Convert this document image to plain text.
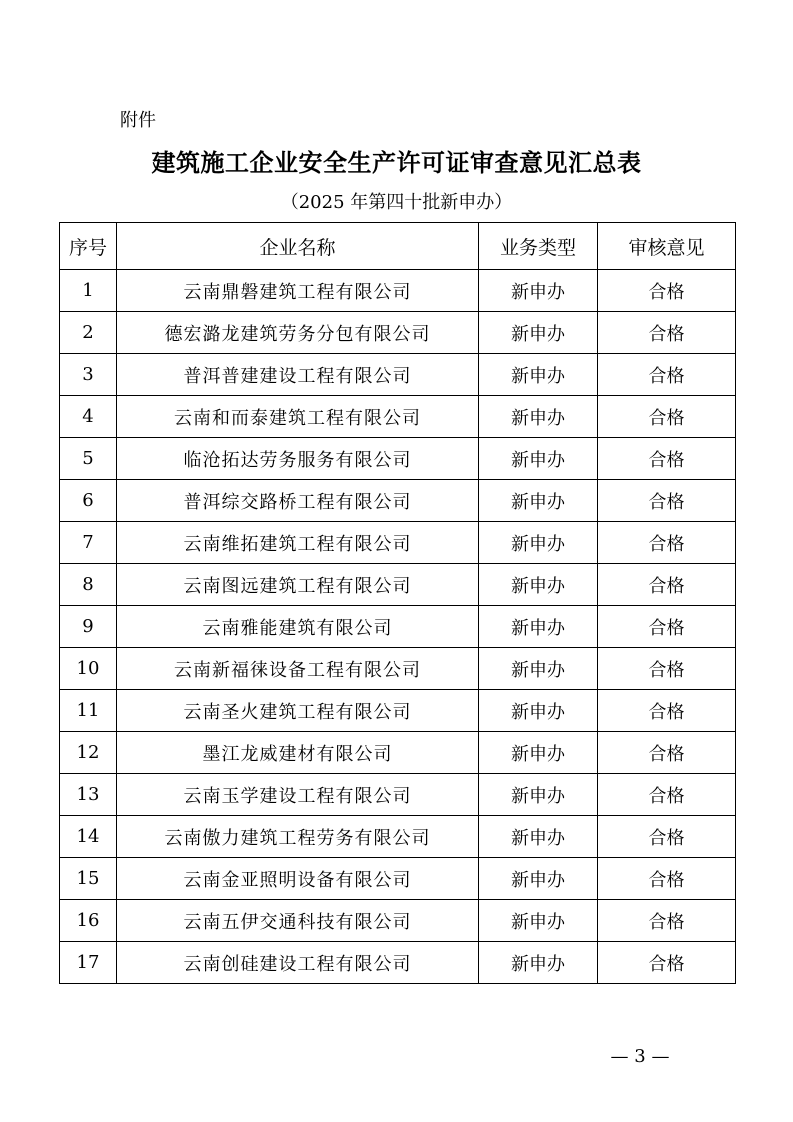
附件
建筑施工企业安全生产许可证审查意见汇总表
（2025 年第四十批新申办）
序号	企业名称	业务类型	审核意见
1	云南鼎磐建筑工程有限公司	新申办	合格
2	德宏潞龙建筑劳务分包有限公司	新申办	合格
3	普洱普建建设工程有限公司	新申办	合格
4	云南和而泰建筑工程有限公司	新申办	合格
5	临沧拓达劳务服务有限公司	新申办	合格
6	普洱综交路桥工程有限公司	新申办	合格
7	云南维拓建筑工程有限公司	新申办	合格
8	云南图远建筑工程有限公司	新申办	合格
9	云南雅能建筑有限公司	新申办	合格
10	云南新福徕设备工程有限公司	新申办	合格
11	云南圣火建筑工程有限公司	新申办	合格
12	墨江龙威建材有限公司	新申办	合格
13	云南玉学建设工程有限公司	新申办	合格
14	云南傲力建筑工程劳务有限公司	新申办	合格
15	云南金亚照明设备有限公司	新申办	合格
16	云南五伊交通科技有限公司	新申办	合格
17	云南创硅建设工程有限公司	新申办	合格
— 3 —
